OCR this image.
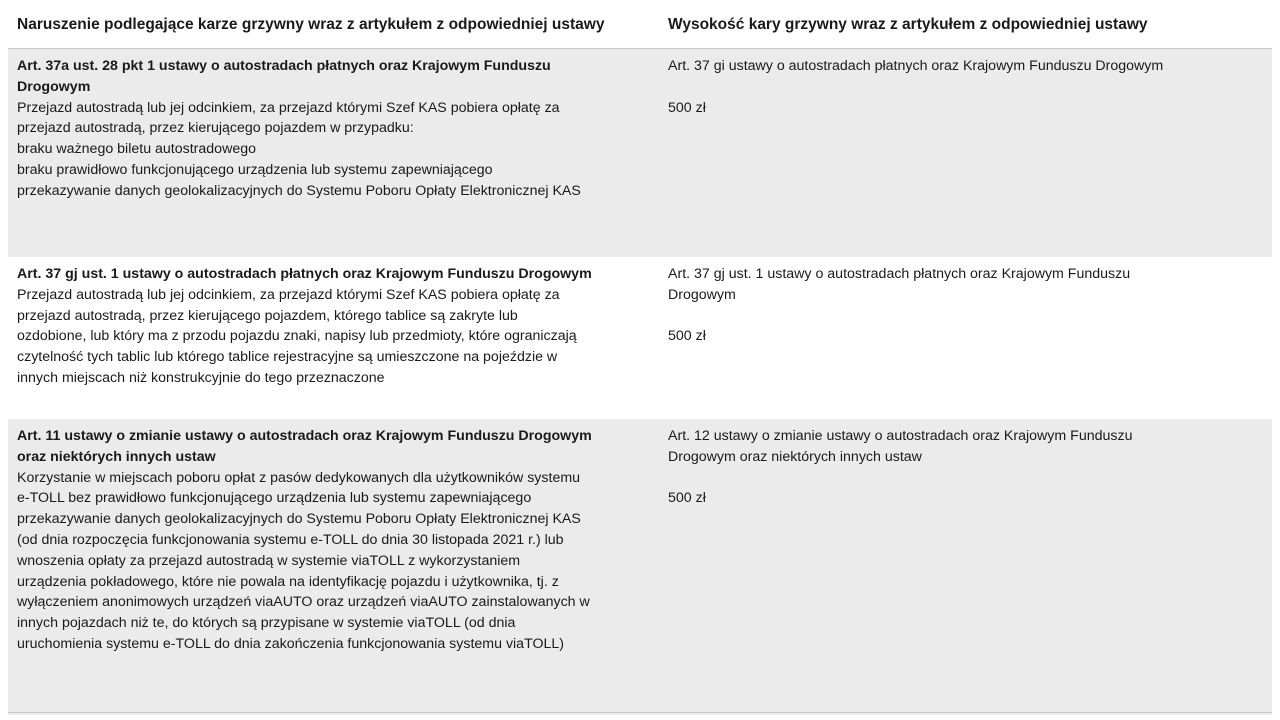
Naruszenie podlegające karze grzywny wraz z artykułem z odpowiedniej ustawy	Wysokość kary grzywny wraz z artykułem z odpowiedniej ustawy
Art. 37a ust. 28 pkt 1 ustawy o autostradach płatnych oraz Krajowym Funduszu
Drogowym
Przejazd autostradą lub jej odcinkiem, za przejazd którymi Szef KAS pobiera opłatę za
przejazd autostradą, przez kierującego pojazdem w przypadku:
braku ważnego biletu autostradowego
braku prawidłowo funkcjonującego urządzenia lub systemu zapewniającego
przekazywanie danych geolokalizacyjnych do Systemu Poboru Opłaty Elektronicznej KAS
Art. 37 gi ustawy o autostradach płatnych oraz Krajowym Funduszu Drogowym
500 zł
Art. 37 gj ust. 1 ustawy o autostradach płatnych oraz Krajowym Funduszu Drogowym
Przejazd autostradą lub jej odcinkiem, za przejazd którymi Szef KAS pobiera opłatę za
przejazd autostradą, przez kierującego pojazdem, którego tablice są zakryte lub
ozdobione, lub który ma z przodu pojazdu znaki, napisy lub przedmioty, które ograniczają
czytelność tych tablic lub którego tablice rejestracyjne są umieszczone na pojeździe w
innych miejscach niż konstrukcyjnie do tego przeznaczone
Art. 37 gj ust. 1 ustawy o autostradach płatnych oraz Krajowym Funduszu
Drogowym
500 zł
Art. 11 ustawy o zmianie ustawy o autostradach oraz Krajowym Funduszu Drogowym
oraz niektórych innych ustaw
Korzystanie w miejscach poboru opłat z pasów dedykowanych dla użytkowników systemu
e-TOLL bez prawidłowo funkcjonującego urządzenia lub systemu zapewniającego
przekazywanie danych geolokalizacyjnych do Systemu Poboru Opłaty Elektronicznej KAS
(od dnia rozpoczęcia funkcjonowania systemu e-TOLL do dnia 30 listopada 2021 r.) lub
wnoszenia opłaty za przejazd autostradą w systemie viaTOLL z wykorzystaniem
urządzenia pokładowego, które nie powala na identyfikację pojazdu i użytkownika, tj. z
wyłączeniem anonimowych urządzeń viaAUTO oraz urządzeń viaAUTO zainstalowanych w
innych pojazdach niż te, do których są przypisane w systemie viaTOLL (od dnia
uruchomienia systemu e-TOLL do dnia zakończenia funkcjonowania systemu viaTOLL)
Art. 12 ustawy o zmianie ustawy o autostradach oraz Krajowym Funduszu
Drogowym oraz niektórych innych ustaw
500 zł
